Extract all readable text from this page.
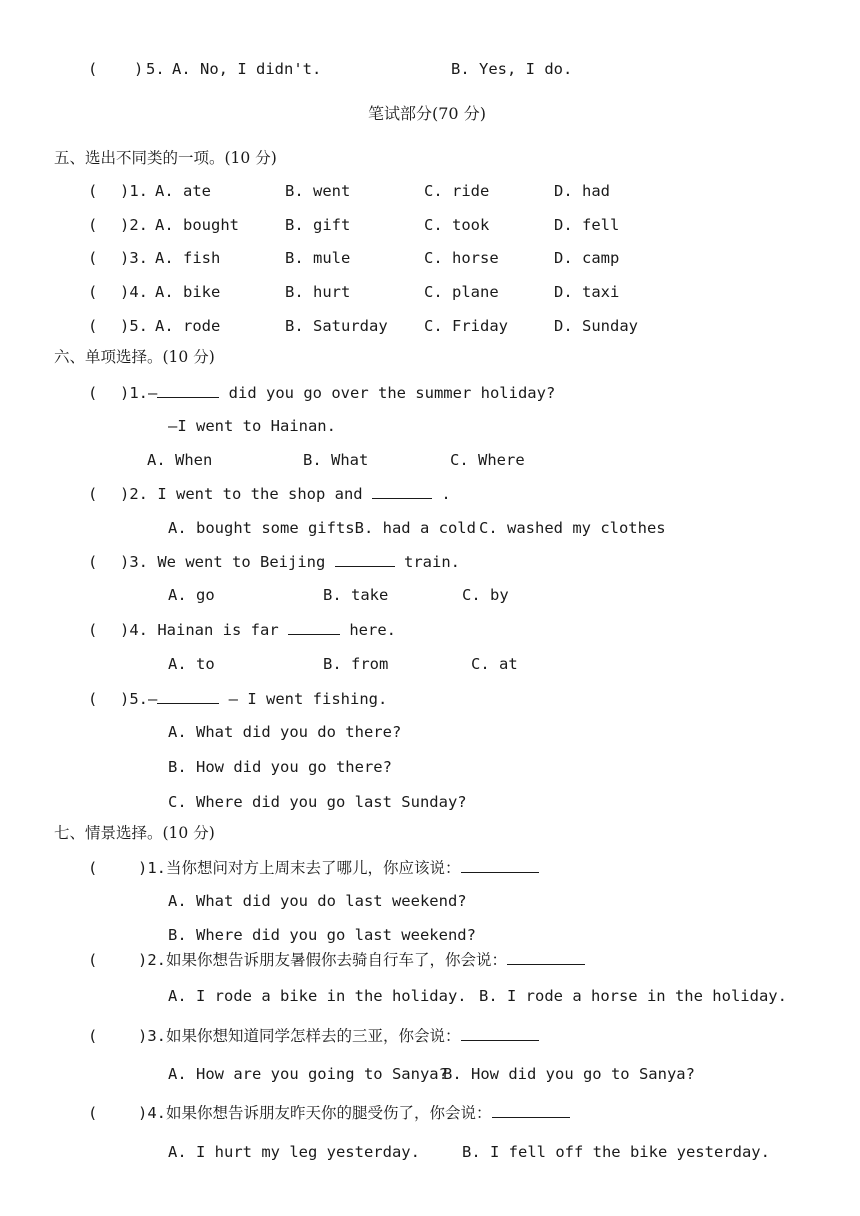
( ) 5. A. No, I didn't.	B. Yes, I do.
笔试部分(70 分)
五、选出不同类的一项。(10 分)
( )1. A. ate	B. went	C. ride	D. had
( )2. A. bought	B. gift	C. took	D. fell
( )3. A. fish	B. mule	C. horse	D. camp
( )4. A. bike	B. hurt	C. plane	D. taxi
( )5. A. rode	B. Saturday C. Friday	D. Sunday
六、单项选择。(10 分)
( )1.—	did you go over the summer holiday?
—I went to Hainan.
A. When	B. What	C. Where
( )2. I went to the shop and	.
A. bought some giftsB. had a cold C. washed my clothes
( )3. We went to Beijing	train.
A. go	B. take	C. by
( )4. Hainan is far	here.
A. to	B. from	C. at
( )5.—	— I went fishing.
A. What did you do there?
B. How did you go there?
C. Where did you go last Sunday?
七、情景选择。(10 分)
(	)1.当你想问对方上周末去了哪儿，你应该说：
A. What did you do last weekend?
B. Where did you go last weekend?
(	)2.如果你想告诉朋友暑假你去骑自行车了，你会说：
A. I rode a bike in the holiday. B. I rode a horse in the holiday.
(	)3.如果你想知道同学怎样去的三亚，你会说：
A. How are you going to Sanya?
B. How did you go to Sanya?
(	)4.如果你想告诉朋友昨天你的腿受伤了，你会说：
A. I hurt my leg yesterday.	B. I fell off the bike yesterday.
